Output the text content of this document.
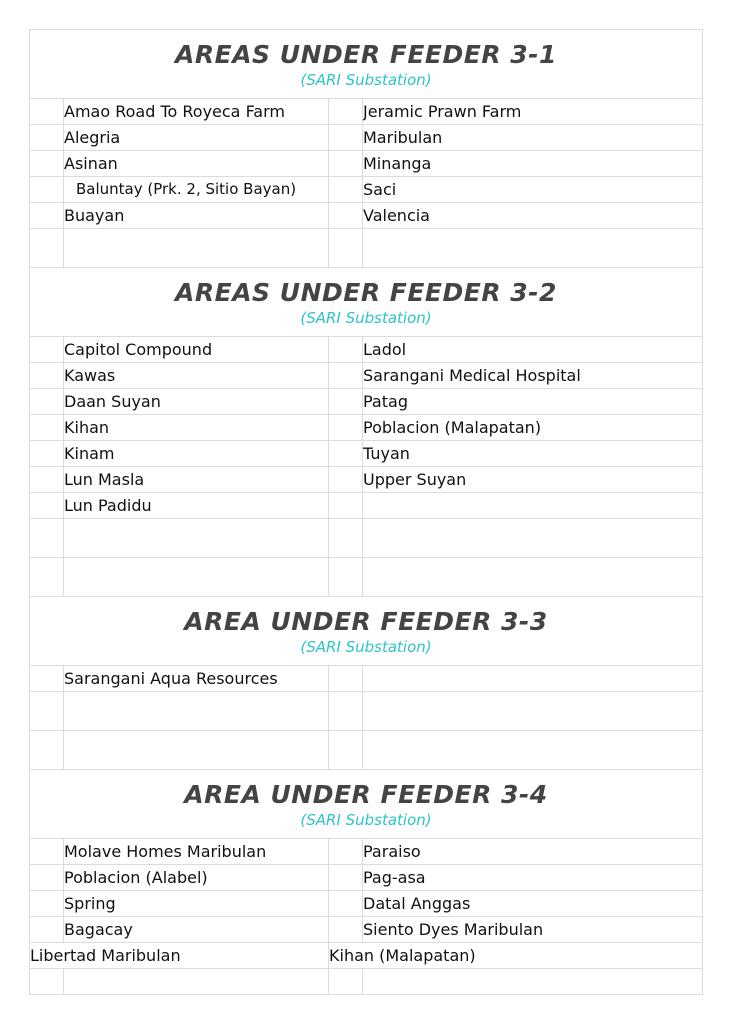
AREAS UNDER FEEDER 3-1
(SARI Substation)			

	Amao Road To Royeca Farm		Jeramic Prawn Farm
	Alegria		Maribulan
	Asinan		Minanga
	Baluntay (Prk. 2, Sitio Bayan)		Saci
	Buayan		Valencia

AREAS UNDER FEEDER 3-2
(SARI Substation)			

	Capitol Compound		Ladol
	Kawas		Sarangani Medical Hospital
	Daan Suyan		Patag
	Kihan		Poblacion (Malapatan)
	Kinam		Tuyan
	Lun Masla		Upper Suyan
	Lun Padidu		

AREA UNDER FEEDER 3-3
(SARI Substation)			

	Sarangani Aqua Resources		

AREA UNDER FEEDER 3-4
(SARI Substation)			

	Molave Homes Maribulan		Paraiso
	Poblacion (Alabel)		Pag-asa
	Spring		Datal Anggas
	Bagacay		Siento Dyes Maribulan
Libertad Maribulan		Kihan (Malapatan)	
